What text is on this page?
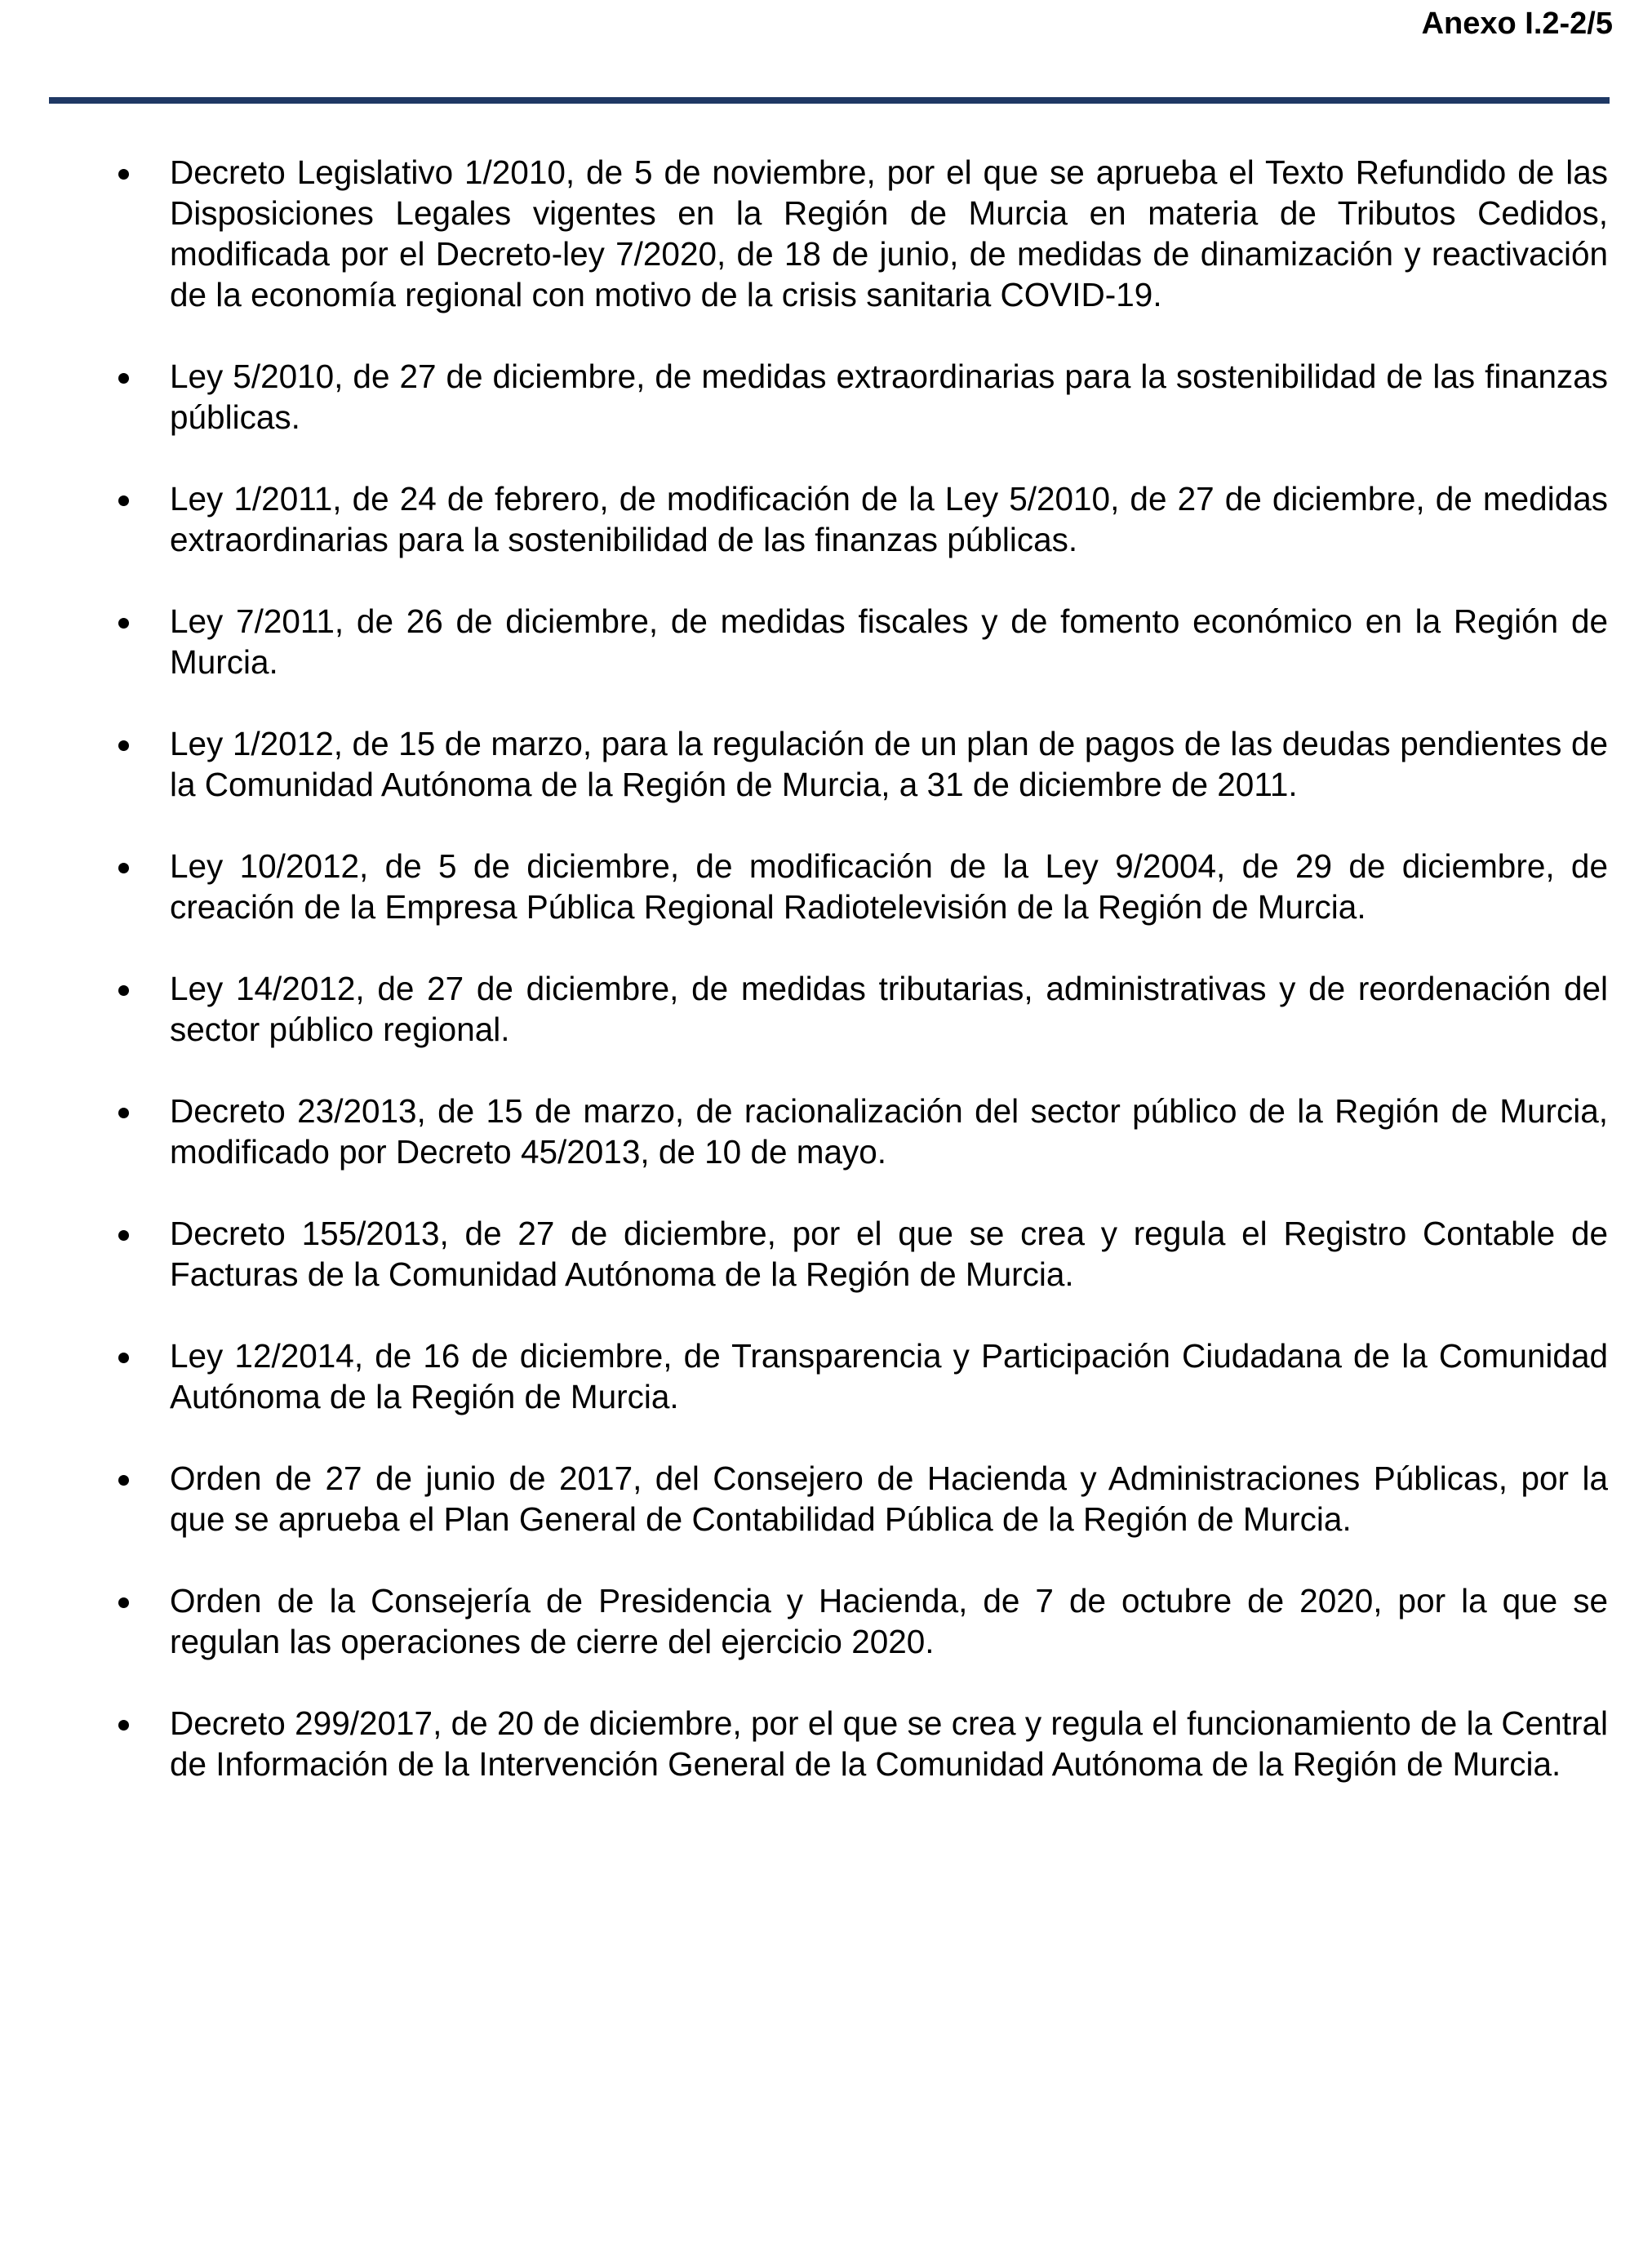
Anexo I.2-2/5
Decreto Legislativo 1/2010, de 5 de noviembre, por el que se aprueba el Texto Refundido de las Disposiciones Legales vigentes en la Región de Murcia en materia de Tributos Cedidos, modificada por el Decreto-ley 7/2020, de 18 de junio, de medidas de dinamización y reactivación de la economía regional con motivo de la crisis sanitaria COVID-19.
Ley 5/2010, de 27 de diciembre, de medidas extraordinarias para la sostenibilidad de las finanzas públicas.
Ley 1/2011, de 24 de febrero, de modificación de la Ley 5/2010, de 27 de diciembre, de medidas extraordinarias para la sostenibilidad de las finanzas públicas.
Ley 7/2011, de 26 de diciembre, de medidas fiscales y de fomento económico en la Región de Murcia.
Ley 1/2012, de 15 de marzo, para la regulación de un plan de pagos de las deudas pendientes de la Comunidad Autónoma de la Región de Murcia, a 31 de diciembre de 2011.
Ley 10/2012, de 5 de diciembre, de modificación de la Ley 9/2004, de 29 de diciembre, de creación de la Empresa Pública Regional Radiotelevisión de la Región de Murcia.
Ley 14/2012, de 27 de diciembre, de medidas tributarias, administrativas y de reordenación del sector público regional.
Decreto 23/2013, de 15 de marzo, de racionalización del sector público de la Región de Murcia, modificado por Decreto 45/2013, de 10 de mayo.
Decreto 155/2013, de 27 de diciembre, por el que se crea y regula el Registro Contable de Facturas de la Comunidad Autónoma de la Región de Murcia.
Ley 12/2014, de 16 de diciembre, de Transparencia y Participación Ciudadana de la Comunidad Autónoma de la Región de Murcia.
Orden de 27 de junio de 2017, del Consejero de Hacienda y Administraciones Públicas, por la que se aprueba el Plan General de Contabilidad Pública de la Región de Murcia.
Orden de la Consejería de Presidencia y Hacienda, de 7 de octubre de 2020, por la que se regulan las operaciones de cierre del ejercicio 2020.
Decreto 299/2017, de 20 de diciembre, por el que se crea y regula el funcionamiento de la Central de Información de la Intervención General de la Comunidad Autónoma de la Región de Murcia.
